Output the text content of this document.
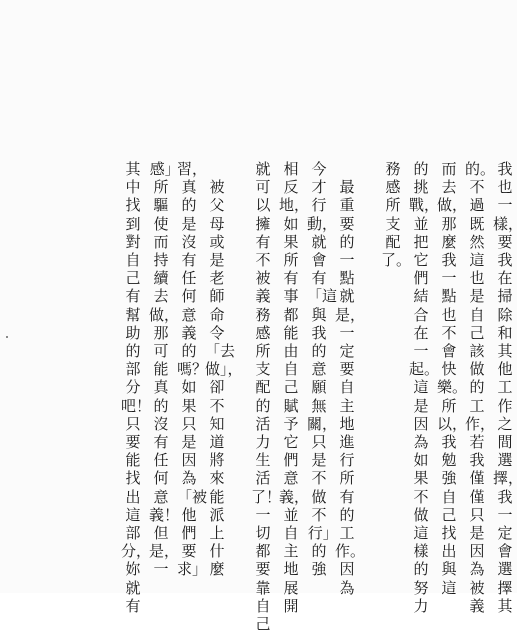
我也一樣，要我在掃除和其他工作之間選擇，我一定會選擇其
的。不過既然這也是自己該做的工作，若我僅僅只是因為被義
而去做，那麼我一點也不會快樂。所以，我勉強自己找出與這
的挑戰，並把它們結合在一起。這是因為如果不做這樣的努力
務感所支配了。
　最重要的一點就是，一定要自主地進行所有的工作。因為
今才行動，就會有「這與我的意願無關，只是不做不行」的強
相反地，如果所有事都能由自己賦予它們意義，並自主地展開
就可以擁有不被義務感所支配的活力生活了！一切都要靠自己
　被父母或是老師命令「去做」，卻不知道將來能派上什麼
習，真的是沒有任何意義的嗎？如果只是因為「被他們要求」
感」所驅使而持續去做，那可能真的沒有任何意義！但是，一
其中找到對自己有幫助的部分吧！只要能找出這部分，妳就有
